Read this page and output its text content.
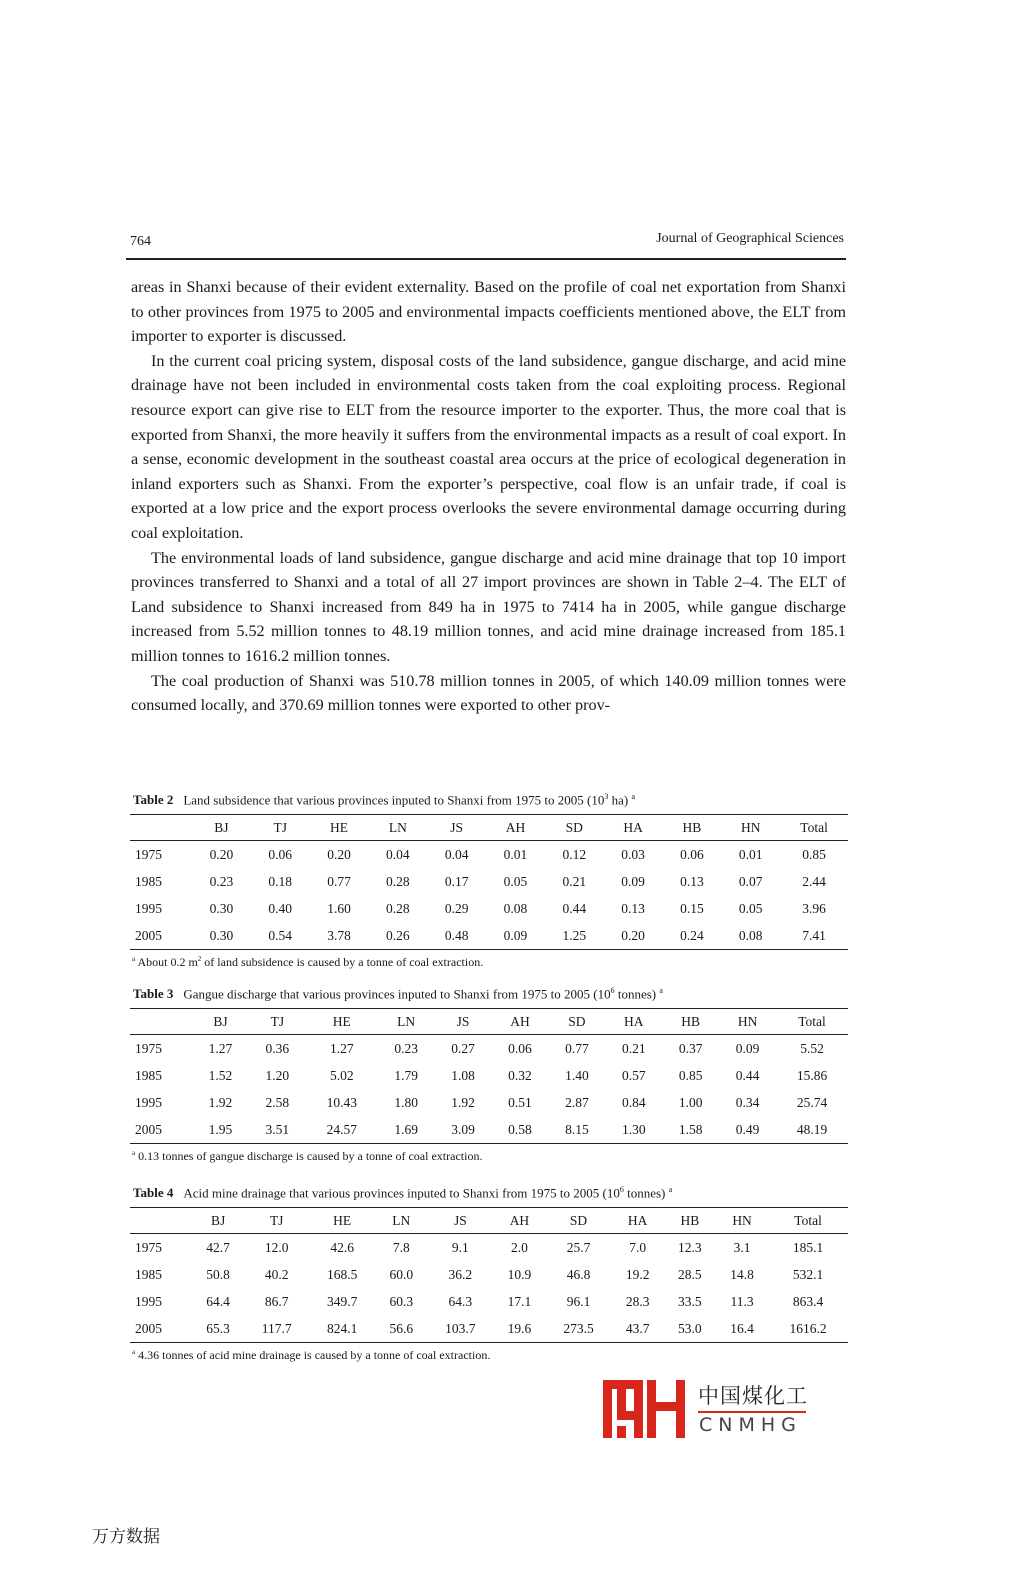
764	Journal of Geographical Sciences

areas in Shanxi because of their evident externality. Based on the profile of coal net exportation from Shanxi to other provinces from 1975 to 2005 and environmental impacts coefficients mentioned above, the ELT from importer to exporter is discussed.

In the current coal pricing system, disposal costs of the land subsidence, gangue discharge, and acid mine drainage have not been included in environmental costs taken from the coal exploiting process. Regional resource export can give rise to ELT from the resource importer to the exporter. Thus, the more coal that is exported from Shanxi, the more heavily it suffers from the environmental impacts as a result of coal export. In a sense, economic development in the southeast coastal area occurs at the price of ecological degeneration in inland exporters such as Shanxi. From the exporter’s perspective, coal flow is an unfair trade, if coal is exported at a low price and the export process overlooks the severe environmental damage occurring during coal exploitation.

The environmental loads of land subsidence, gangue discharge and acid mine drainage that top 10 import provinces transferred to Shanxi and a total of all 27 import provinces are shown in Table 2–4. The ELT of Land subsidence to Shanxi increased from 849 ha in 1975 to 7414 ha in 2005, while gangue discharge increased from 5.52 million tonnes to 48.19 million tonnes, and acid mine drainage increased from 185.1 million tonnes to 1616.2 million tonnes.

The coal production of Shanxi was 510.78 million tonnes in 2005, of which 140.09 million tonnes were consumed locally, and 370.69 million tonnes were exported to other prov-

Table 2 Land subsidence that various provinces inputed to Shanxi from 1975 to 2005 ($10^3$ ha) $^a$
	BJ	TJ	HE	LN	JS	AH	SD	HA	HB	HN	Total
1975	0.20	0.06	0.20	0.04	0.04	0.01	0.12	0.03	0.06	0.01	0.85
1985	0.23	0.18	0.77	0.28	0.17	0.05	0.21	0.09	0.13	0.07	2.44
1995	0.30	0.40	1.60	0.28	0.29	0.08	0.44	0.13	0.15	0.05	3.96
2005	0.30	0.54	3.78	0.26	0.48	0.09	1.25	0.20	0.24	0.08	7.41
$^a$ About 0.2 $m^2$ of land subsidence is caused by a tonne of coal extraction.
Table 3 Gangue discharge that various provinces inputed to Shanxi from 1975 to 2005 ($10^6$ tonnes) $^a$
	BJ	TJ	HE	LN	JS	AH	SD	HA	HB	HN	Total
1975	1.27	0.36	1.27	0.23	0.27	0.06	0.77	0.21	0.37	0.09	5.52
1985	1.52	1.20	5.02	1.79	1.08	0.32	1.40	0.57	0.85	0.44	15.86
1995	1.92	2.58	10.43	1.80	1.92	0.51	2.87	0.84	1.00	0.34	25.74
2005	1.95	3.51	24.57	1.69	3.09	0.58	8.15	1.30	1.58	0.49	48.19
$^a$ 0.13 tonnes of gangue discharge is caused by a tonne of coal extraction.
Table 4 Acid mine drainage that various provinces inputed to Shanxi from 1975 to 2005 ($10^6$ tonnes) $^a$
	BJ	TJ	HE	LN	JS	AH	SD	HA	HB	HN	Total
1975	42.7	12.0	42.6	7.8	9.1	2.0	25.7	7.0	12.3	3.1	185.1
1985	50.8	40.2	168.5	60.0	36.2	10.9	46.8	19.2	28.5	14.8	532.1
1995	64.4	86.7	349.7	60.3	64.3	17.1	96.1	28.3	33.5	11.3	863.4
2005	65.3	117.7	824.1	56.6	103.7	19.6	273.5	43.7	53.0	16.4	1616.2
$^a$ 4.36 tonnes of acid mine drainage is caused by a tonne of coal extraction.
中国煤化工
CNMHG
万方数据
